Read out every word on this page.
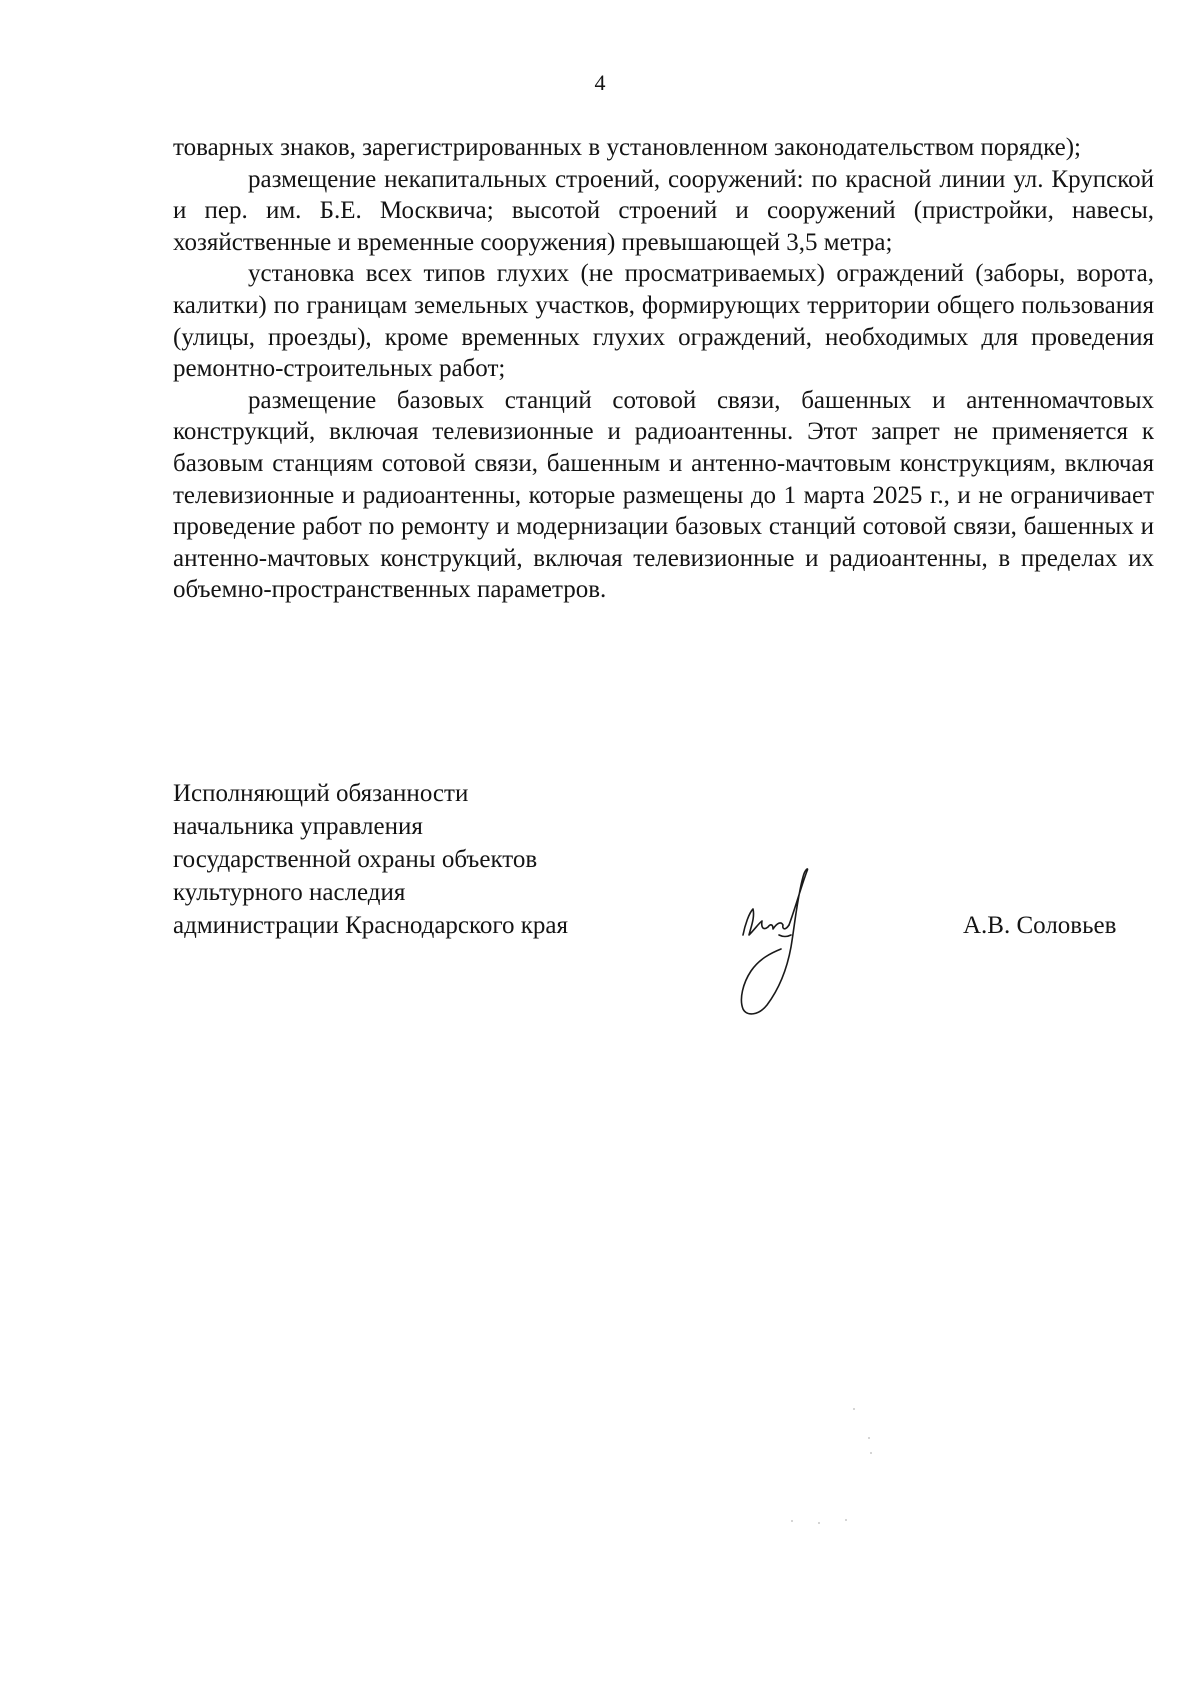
4

товарных знаков, зарегистрированных в установленном законодательством порядке);

размещение некапитальных строений, сооружений: по красной линии ул. Крупской и пер. им. Б.Е. Москвича; высотой строений и сооружений (пристройки, навесы, хозяйственные и временные сооружения) превышающей 3,5 метра;

установка всех типов глухих (не просматриваемых) ограждений (заборы, ворота, калитки) по границам земельных участков, формирующих территории общего пользования (улицы, проезды), кроме временных глухих ограждений, необходимых для проведения ремонтно-строительных работ;

размещение базовых станций сотовой связи, башенных и антенномачтовых конструкций, включая телевизионные и радиоантенны. Этот запрет не применяется к базовым станциям сотовой связи, башенным и антенно-мачтовым конструкциям, включая телевизионные и радиоантенны, которые размещены до 1 марта 2025 г., и не ограничивает проведение работ по ремонту и модернизации базовых станций сотовой связи, башенных и антенно-мачтовых конструкций, включая телевизионные и радиоантенны, в пределах их объемно-пространственных параметров.

Исполняющий обязанности
начальника управления
государственной охраны объектов
культурного наследия
администрации Краснодарского края	А.В. Соловьев
